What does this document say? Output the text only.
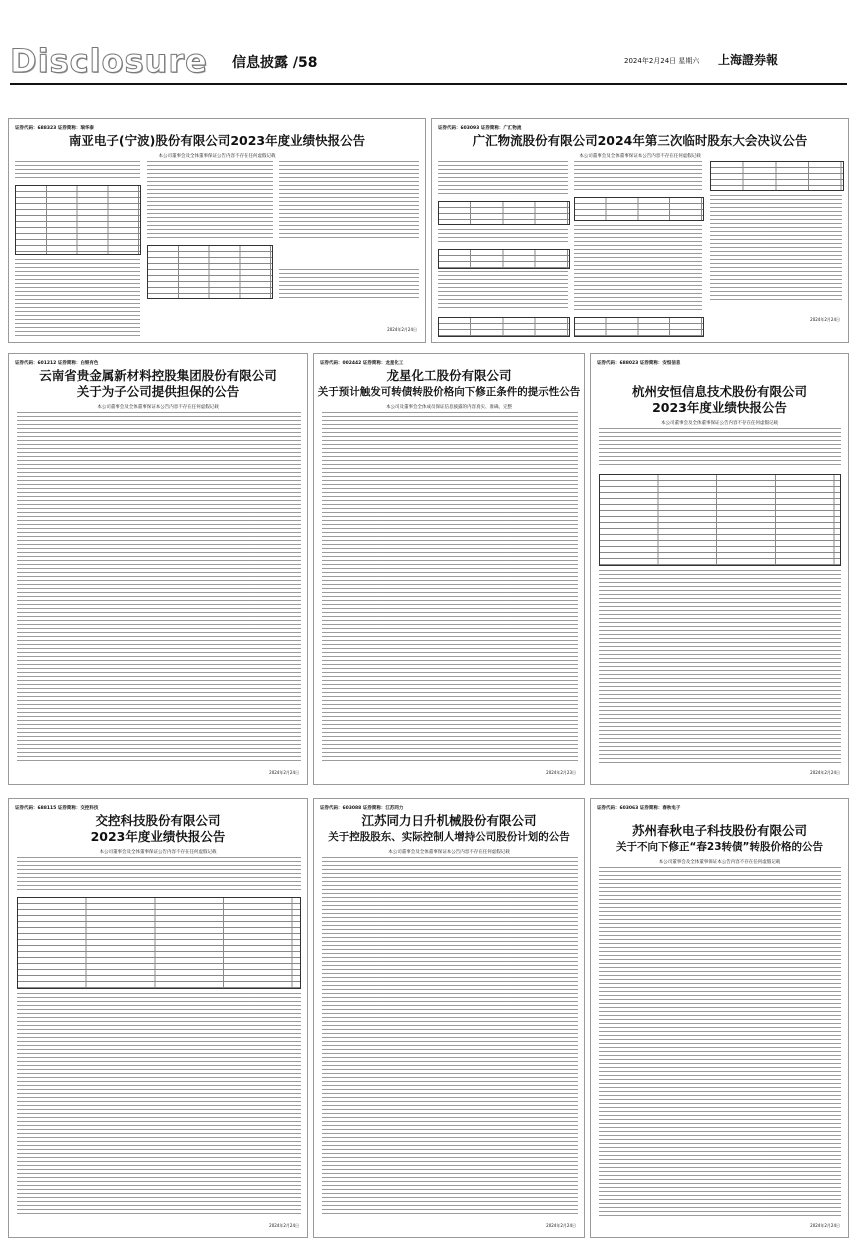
Disclosure 信息披露 /58	2024年2月24日 星期六 上海證券報
证券代码：688323 证券简称：瑞华泰
南亚电子(宁波)股份有限公司2023年度业绩快报公告
本公司董事会及全体董事保证公告内容不存在任何虚假记载
2024年2月24日
证券代码：603093 证券简称：广汇物流
广汇物流股份有限公司2024年第三次临时股东大会决议公告
本公司董事会及全体董事保证本公告内容不存在任何虚假记载
2024年2月24日
证券代码：601212 证券简称：白银有色
云南省贵金属新材料控股集团股份有限公司
关于为子公司提供担保的公告
本公司董事会及全体董事保证本公告内容不存在任何虚假记载
2024年2月24日
证券代码：002442 证券简称：龙星化工
龙星化工股份有限公司
关于预计触发可转债转股价格向下修正条件的提示性公告
本公司及董事会全体成员保证信息披露的内容真实、准确、完整
2024年2月23日
证券代码：688023 证券简称：安恒信息
杭州安恒信息技术股份有限公司
2023年度业绩快报公告
本公司董事会及全体董事保证公告内容不存在任何虚假记载
2024年2月24日
证券代码：688115 证券简称：交控科技
交控科技股份有限公司
2023年度业绩快报公告
本公司董事会及全体董事保证公告内容不存在任何虚假记载
2024年2月24日
证券代码：603088 证券简称：江苏同力
江苏同力日升机械股份有限公司
关于控股股东、实际控制人增持公司股份计划的公告
本公司董事会及全体董事保证本公告内容不存在任何虚假记载
2024年2月24日
证券代码：603063 证券简称：春秋电子
苏州春秋电子科技股份有限公司
关于不向下修正“春23转债”转股价格的公告
本公司董事会及全体董事保证本公告内容不存在任何虚假记载
2024年2月24日
